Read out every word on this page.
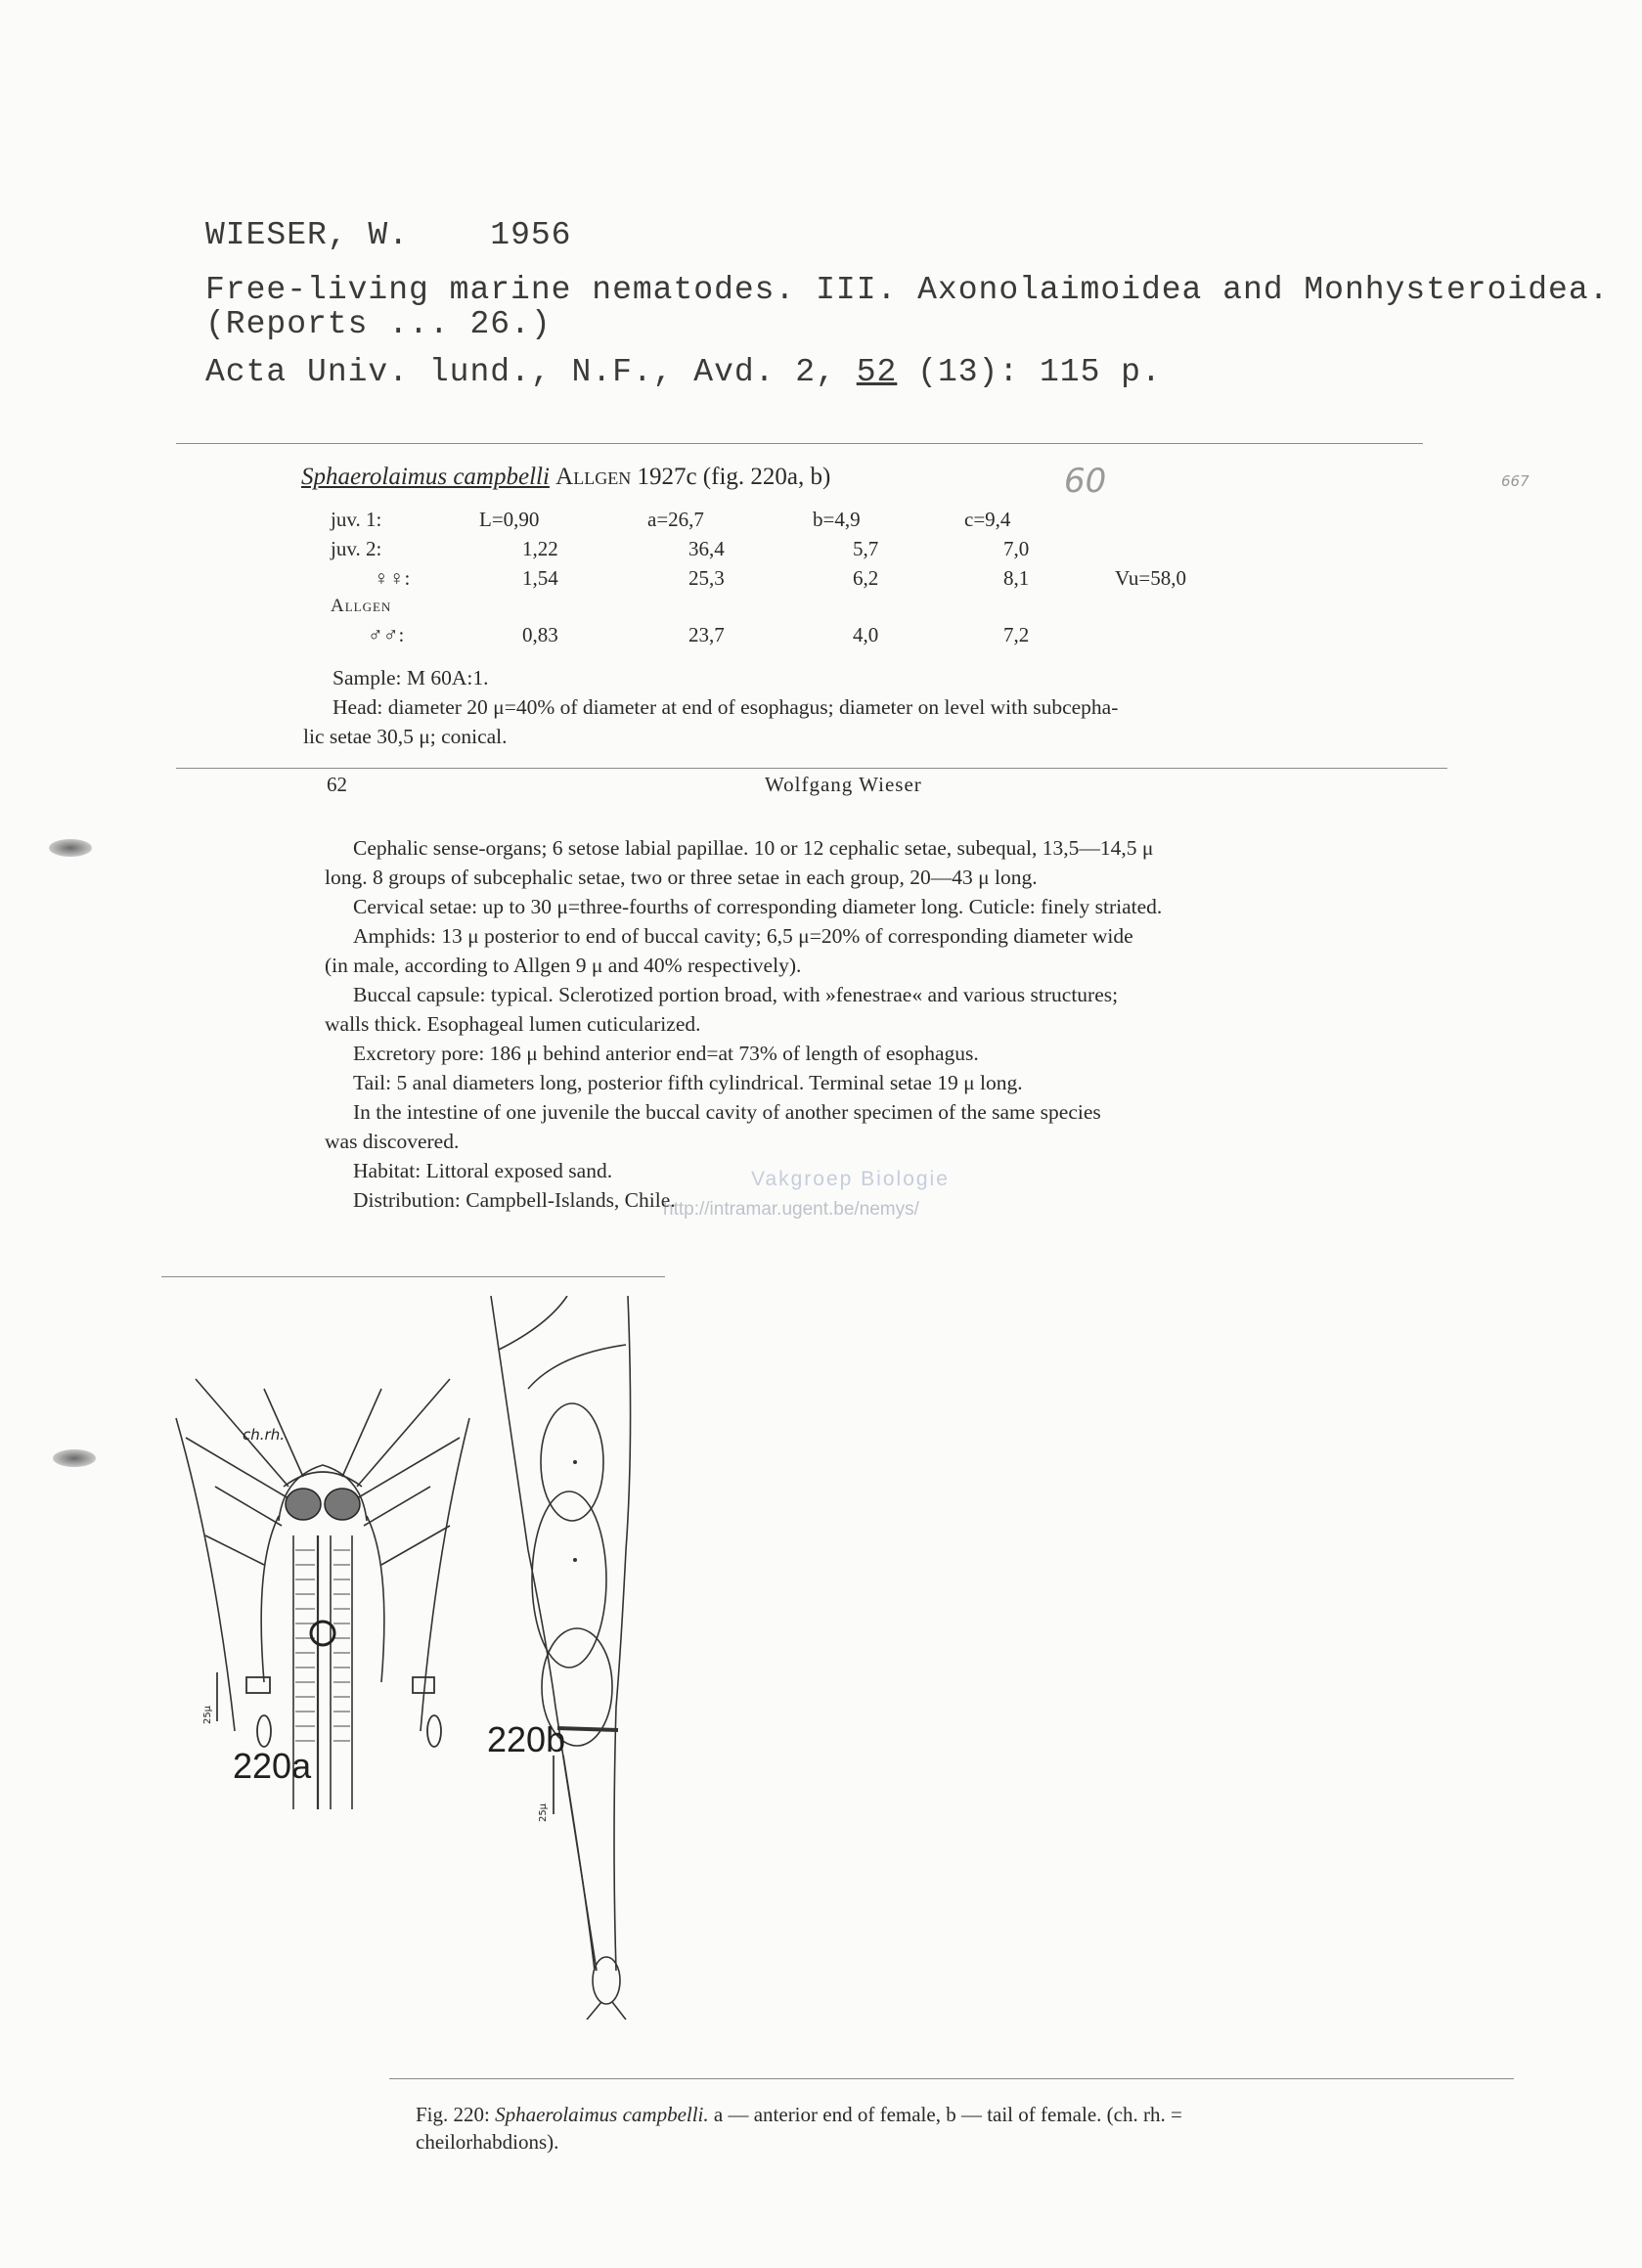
WIESER, W.	1956
Free-living marine nematodes. III. Axonolaimoidea and Monhysteroidea.
(Reports ... 26.)
Acta Univ. lund., N.F., Avd. 2, 52 (13): 115 p.
Sphaerolaimus campbelli Allgen 1927c (fig. 220a, b)	60	667
juv. 1:	L=0,90	a=26,7	b=4,9	c=9,4
juv. 2:	1,22	36,4	5,7	7,0
♀♀:	1,54	25,3	6,2	8,1	Vu=58,0
Allgen
♂♂:	0,83	23,7	4,0	7,2
Sample: M 60A:1.
Head: diameter 20 μ=40% of diameter at end of esophagus; diameter on level with subcepha-
lic setae 30,5 μ; conical.
62	Wolfgang Wieser
Cephalic sense-organs; 6 setose labial papillae. 10 or 12 cephalic setae, subequal, 13,5—14,5 μ
long. 8 groups of subcephalic setae, two or three setae in each group, 20—43 μ long.
Cervical setae: up to 30 μ=three-fourths of corresponding diameter long. Cuticle: finely striated.
Amphids: 13 μ posterior to end of buccal cavity; 6,5 μ=20% of corresponding diameter wide
(in male, according to Allgen 9 μ and 40% respectively).
Buccal capsule: typical. Sclerotized portion broad, with »fenestrae« and various structures;
walls thick. Esophageal lumen cuticularized.
Excretory pore: 186 μ behind anterior end=at 73% of length of esophagus.
Tail: 5 anal diameters long, posterior fifth cylindrical. Terminal setae 19 μ long.
In the intestine of one juvenile the buccal cavity of another specimen of the same species
was discovered.
Habitat: Littoral exposed sand.
Distribution: Campbell-Islands, Chile.
Vakgroep Biologie
http://intramar.ugent.be/nemys/
220a
ch.rh.
25μ
220b
25μ
Fig. 220: Sphaerolaimus campbelli. a — anterior end of female, b — tail of female. (ch. rh. =
cheilorhabdions).
